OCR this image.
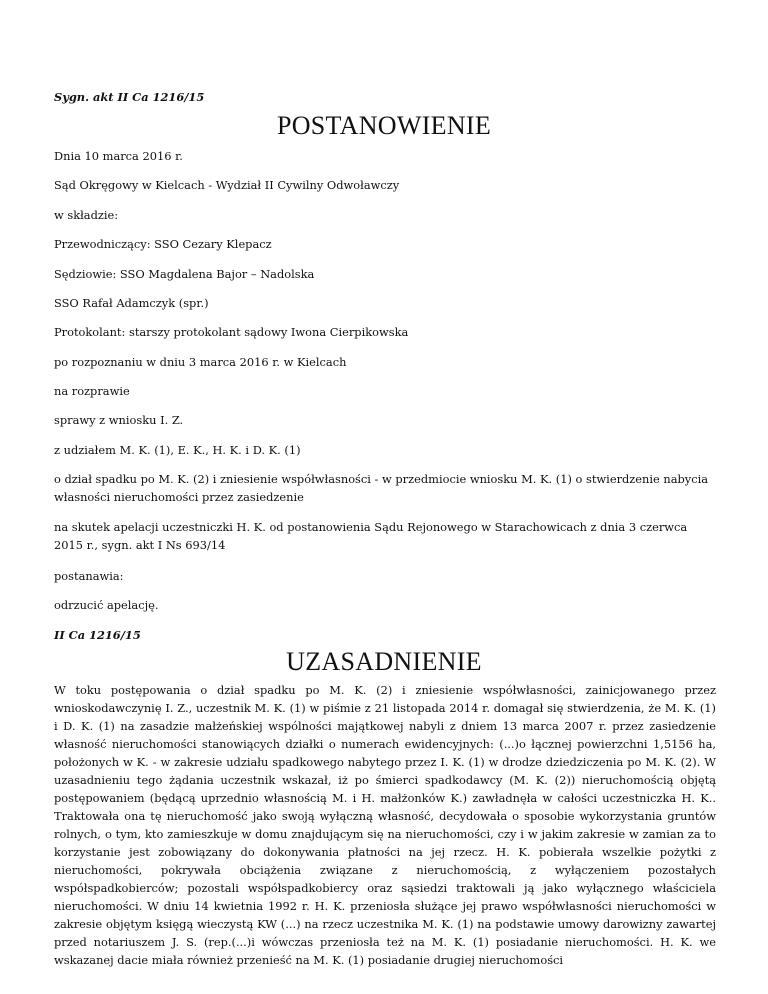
Sygn. akt II Ca 1216/15

POSTANOWIENIE

Dnia 10 marca 2016 r.

Sąd Okręgowy w Kielcach - Wydział II Cywilny Odwoławczy

w składzie:

Przewodniczący: SSO Cezary Klepacz

Sędziowie: SSO Magdalena Bajor – Nadolska

SSO Rafał Adamczyk (spr.)

Protokolant: starszy protokolant sądowy Iwona Cierpikowska

po rozpoznaniu w dniu 3 marca 2016 r. w Kielcach

na rozprawie

sprawy z wniosku I. Z.

z udziałem M. K. (1), E. K., H. K. i D. K. (1)

o dział spadku po M. K. (2) i zniesienie współwłasności - w przedmiocie wniosku M. K. (1) o stwierdzenie nabycia własności nieruchomości przez zasiedzenie

na skutek apelacji uczestniczki H. K. od postanowienia Sądu Rejonowego w Starachowicach z dnia 3 czerwca 2015 r., sygn. akt I Ns 693/14

postanawia:

odrzucić apelację.

II Ca 1216/15

UZASADNIENIE

W toku postępowania o dział spadku po M. K. (2) i zniesienie współwłasności, zainicjowanego przez wnioskodawczynię I. Z., uczestnik M. K. (1) w piśmie z 21 listopada 2014 r. domagał się stwierdzenia, że M. K. (1) i D. K. (1) na zasadzie małżeńskiej wspólności majątkowej nabyli z dniem 13 marca 2007 r. przez zasiedzenie własność nieruchomości stanowiących działki o numerach ewidencyjnych: (...)o łącznej powierzchni 1,5156 ha, położonych w K. - w zakresie udziału spadkowego nabytego przez I. K. (1) w drodze dziedziczenia po M. K. (2). W uzasadnieniu tego żądania uczestnik wskazał, iż po śmierci spadkodawcy (M. K. (2)) nieruchomością objętą postępowaniem (będącą uprzednio własnością M. i H. małżonków K.) zawładnęła w całości uczestniczka H. K.. Traktowała ona tę nieruchomość jako swoją wyłączną własność, decydowała o sposobie wykorzystania gruntów rolnych, o tym, kto zamieszkuje w domu znajdującym się na nieruchomości, czy i w jakim zakresie w zamian za to korzystanie jest zobowiązany do dokonywania płatności na jej rzecz. H. K. pobierała wszelkie pożytki z nieruchomości, pokrywała obciążenia związane z nieruchomością, z wyłączeniem pozostałych współspadkobierców; pozostali współspadkobiercy oraz sąsiedzi traktowali ją jako wyłącznego właściciela nieruchomości. W dniu 14 kwietnia 1992 r. H. K. przeniosła służące jej prawo współwłasności nieruchomości w zakresie objętym księgą wieczystą KW (...) na rzecz uczestnika M. K. (1) na podstawie umowy darowizny zawartej przed notariuszem J. S. (rep.(...)i wówczas przeniosła też na M. K. (1) posiadanie nieruchomości. H. K. we wskazanej dacie miała również przenieść na M. K. (1) posiadanie drugiej nieruchomości
